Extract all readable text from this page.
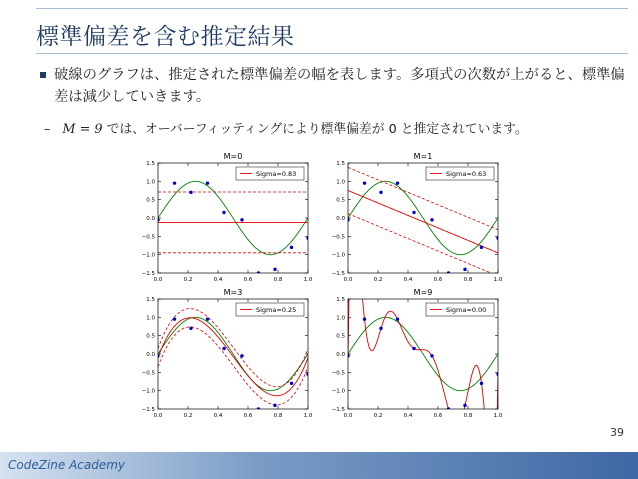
標準偏差を含む推定結果
破線のグラフは、推定された標準偏差の幅を表します。多項式の次数が上がると、標準偏差は減少していきます。
– M = 9 では、オーバーフィッティングにより標準偏差が 0 と推定されています。
M=0
0.0	0.2	0.4	0.6	0.8	1.0
1.5
1.0
0.5
0.0
−0.5
−1.0
−1.5
Sigma=0.83
M=1
0.0	0.2	0.4	0.6	0.8	1.0
1.5
1.0
0.5
0.0
−0.5
−1.0
−1.5
Sigma=0.63
M=3
0.0	0.2	0.4	0.6	0.8	1.0
1.5
1.0
0.5
0.0
−0.5
−1.0
−1.5
Sigma=0.25
M=9
0.0	0.2	0.4	0.6	0.8	1.0
1.5
1.0
0.5
0.0
−0.5
−1.0
−1.5
Sigma=0.00
39
CodeZine Academy
